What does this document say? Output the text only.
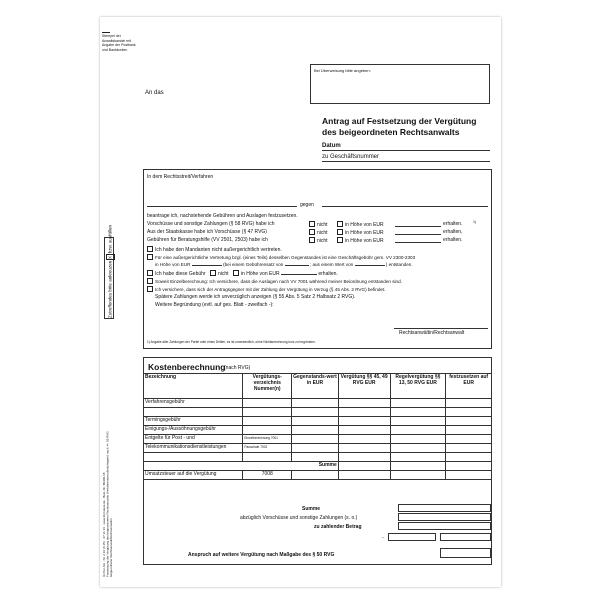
Stempel der Anwaltskanzlei mit Angabe der Postbank und Bankkonten
Zutreffendes bitte ankreuzen X bzw. ausfüllen
ÜLTtur AG · Nr. 2.10 (6.15) · 67 11 16 · www.formulare.de · Best.-Nr. 80300-18
Festsetzung der Vergütung des beigeordneten Rechtsanwalts (Verfahrensbevollmächtigte/r) nach § 55 RVG beigeordneter Rechtsanwalt/Rechtsanwältin
Bei Überweisung bitte angeben:
An das
Antrag auf Festsetzung der Vergütung
des beigeordneten Rechtsanwalts
Datum
zu Geschäftsnummer
In dem Rechtsstreit/Verfahren
gegen
beantrage ich, nachstehende Gebühren und Auslagen festzusetzen.
Vorschüsse und sonstige Zahlungen (§ 58 RVG) habe ich	nicht	in Höhe von EUR	erhalten.	1)
Aus der Staatskasse habe ich Vorschüsse (§ 47 RVG)	nicht	in Höhe von EUR	erhalten,
Gebühren für Beratungshilfe (VV 2501, 2503) habe ich	nicht	in Höhe von EUR	erhalten.
Ich habe den Mandanten nicht außergerichtlich vertreten.
Für eine außergerichtliche Vertretung bzgl. (eines Teils) desselben Gegenstandes ist eine Geschäftsgebühr gem. VV 2300-2303
in Höhe von EUR	(bei einem Gebührensatz von	; aus einem Wert von	) entstanden.
Ich habe diese Gebühr nicht in Höhe von EUR	erhalten.
Soweit Einzelberechnung: Ich versichere, dass die Auslagen nach VV 7001 während meiner Beiordnung entstanden sind.
Ich versichere, dass sich der Antragsgegner mit der Zahlung der Vergütung in Verzug (§ 45 Abs. 2 RVG) befindet.
Spätere Zahlungen werde ich unverzüglich anzeigen (§ 55 Abs. 5 Satz 2 Halbsatz 2 RVG).
Weitere Begründung (evtl. auf ges. Blatt - zweifach -):
Rechtsanwältin/Rechtsanwalt
1) Angabe aller Zahlungen der Partei oder eines Dritten, es ist unwesentlich, ohne Nichtanrechnung kurz zu begründen.
Kostenberechnung
(nach RVG)
Bezeichnung	Vergütungs-verzeichnis Nummer(n)	Gegenstands-wert in EUR	Vergütung §§ 45, 49 RVG EUR	Regelvergütung §§ 13, 50 RVG EUR	festzusetzen auf EUR
Verfahrensgebühr					

Termingsgebühr					
Einigungs-/Aussöhnungsgebühr					
Entgelte für Post - und	Einzelberechnung 7001				
Telekommunikationsdienstleistungen	Pauschale 7002				

Summe					
Umsatzsteuer auf die Vergütung	7008				
Summe
abzüglich Vorschüsse und sonstige Zahlungen (s. o.)
zu zahlender Betrag
-
Anspruch auf weitere Vergütung nach Maßgabe des § 50 RVG
